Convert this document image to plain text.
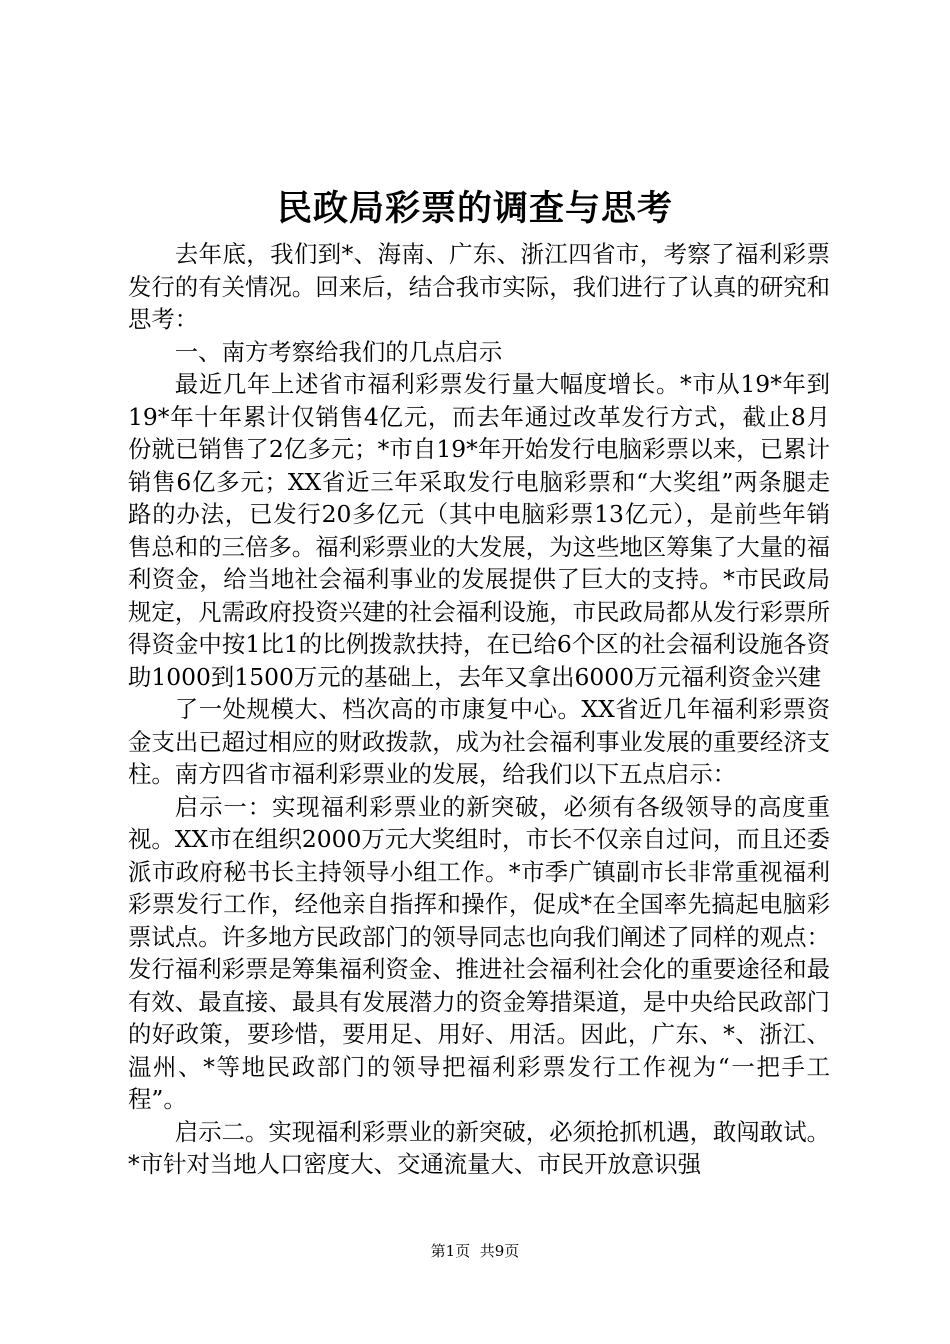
民政局彩票的调查与思考

去年底，我们到*、海南、广东、浙江四省市，考察了福利彩票发行的有关情况。回来后，结合我市实际，我们进行了认真的研究和思考：

一、南方考察给我们的几点启示

最近几年上述省市福利彩票发行量大幅度增长。*市从19*年到19*年十年累计仅销售4亿元，而去年通过改革发行方式，截止8月份就已销售了2亿多元；*市自19*年开始发行电脑彩票以来，已累计销售6亿多元；XX省近三年采取发行电脑彩票和“大奖组”两条腿走路的办法，已发行20多亿元（其中电脑彩票13亿元），是前些年销售总和的三倍多。福利彩票业的大发展，为这些地区筹集了大量的福利资金，给当地社会福利事业的发展提供了巨大的支持。*市民政局规定，凡需政府投资兴建的社会福利设施，市民政局都从发行彩票所得资金中按1比1的比例拨款扶持，在已给6个区的社会福利设施各资助1000到1500万元的基础上，去年又拿出6000万元福利资金兴建

了一处规模大、档次高的市康复中心。XX省近几年福利彩票资金支出已超过相应的财政拨款，成为社会福利事业发展的重要经济支柱。南方四省市福利彩票业的发展，给我们以下五点启示：

启示一：实现福利彩票业的新突破，必须有各级领导的高度重视。XX市在组织2000万元大奖组时，市长不仅亲自过问，而且还委派市政府秘书长主持领导小组工作。*市季广镇副市长非常重视福利彩票发行工作，经他亲自指挥和操作，促成*在全国率先搞起电脑彩票试点。许多地方民政部门的领导同志也向我们阐述了同样的观点：发行福利彩票是筹集福利资金、推进社会福利社会化的重要途径和最有效、最直接、最具有发展潜力的资金筹措渠道，是中央给民政部门的好政策，要珍惜，要用足、用好、用活。因此，广东、*、浙江、温州、*等地民政部门的领导把福利彩票发行工作视为“一把手工程”。

启示二。实现福利彩票业的新突破，必须抢抓机遇，敢闯敢试。*市针对当地人口密度大、交通流量大、市民开放意识强

第1页 共9页
